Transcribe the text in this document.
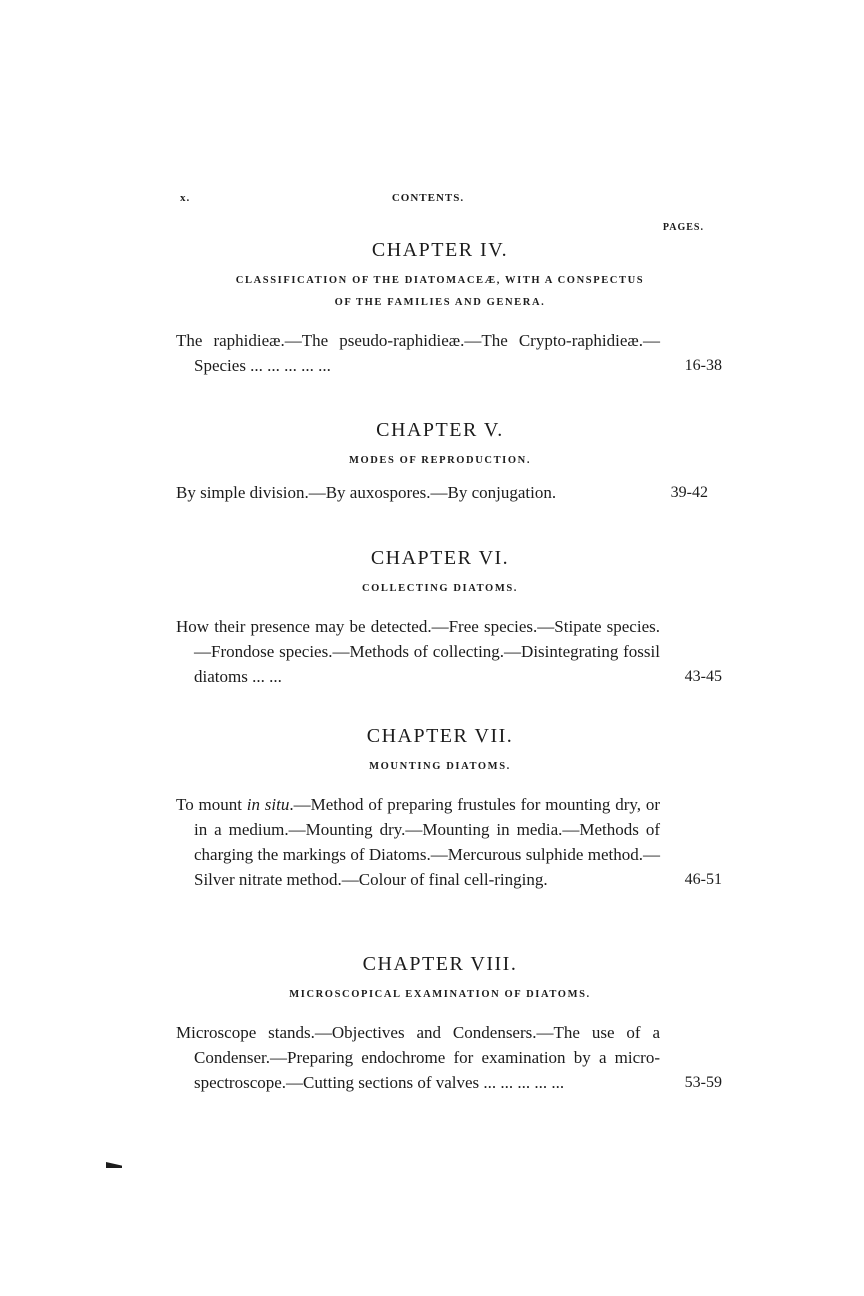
x.	CONTENTS.
PAGES.
CHAPTER IV.
CLASSIFICATION OF THE DIATOMACEÆ, WITH A CONSPECTUS
OF THE FAMILIES AND GENERA.
The raphidieæ.—The pseudo-raphidieæ.—The Crypto-raphidieæ.—Species ... ... ... ... ...	16-38
CHAPTER V.
MODES OF REPRODUCTION.
By simple division.—By auxospores.—By conjugation.	39-42
CHAPTER VI.
COLLECTING DIATOMS.
How their presence may be detected.—Free species.—Stipate species.—Frondose species.—Methods of collecting.—Disintegrating fossil diatoms ... ...	43-45
CHAPTER VII.
MOUNTING DIATOMS.
To mount in situ.—Method of preparing frustules for mounting dry, or in a medium.—Mounting dry.—Mounting in media.—Methods of charging the markings of Diatoms.—Mercurous sulphide method.—Silver nitrate method.—Colour of final cell-ringing.	46-51
CHAPTER VIII.
MICROSCOPICAL EXAMINATION OF DIATOMS.
Microscope stands.—Objectives and Condensers.—The use of a Condenser.—Preparing endochrome for examination by a micro-spectroscope.—Cutting sections of valves ... ... ... ... ...	53-59
